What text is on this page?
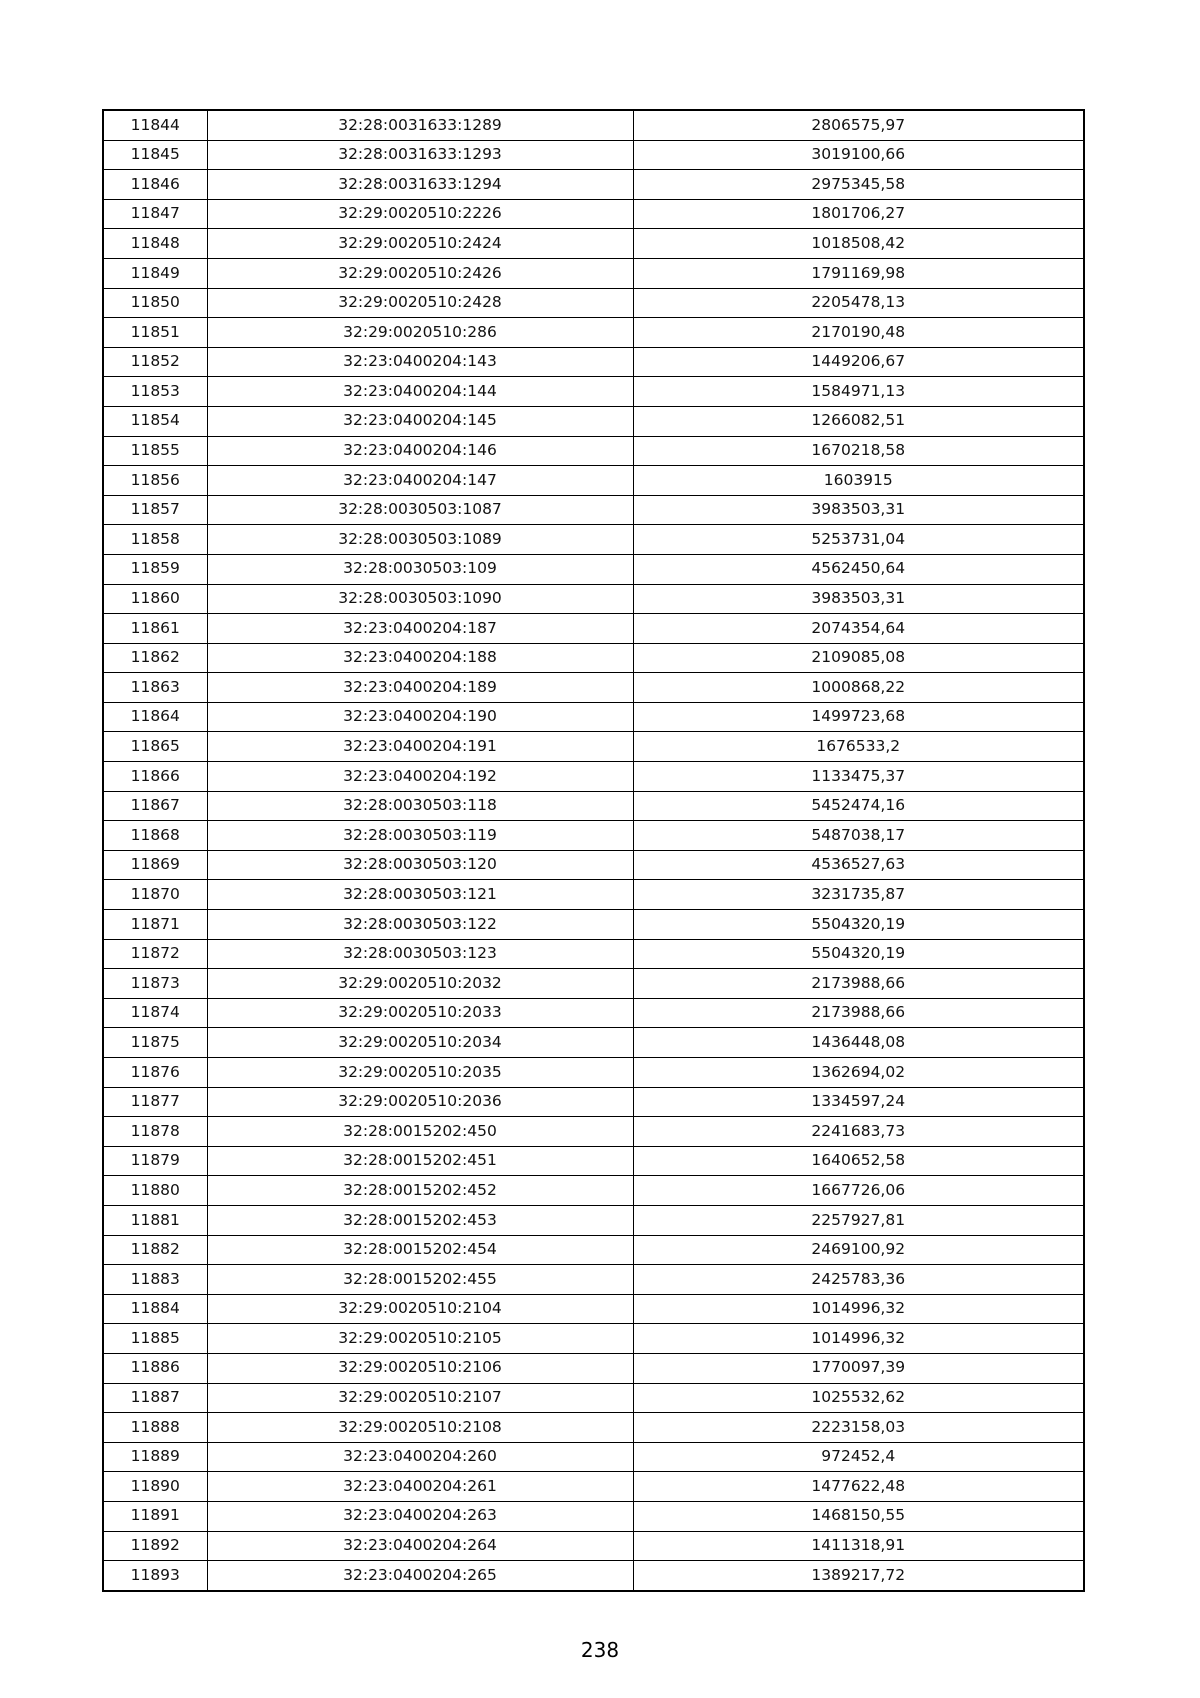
11844	32:28:0031633:1289	2806575,97
11845	32:28:0031633:1293	3019100,66
11846	32:28:0031633:1294	2975345,58
11847	32:29:0020510:2226	1801706,27
11848	32:29:0020510:2424	1018508,42
11849	32:29:0020510:2426	1791169,98
11850	32:29:0020510:2428	2205478,13
11851	32:29:0020510:286	2170190,48
11852	32:23:0400204:143	1449206,67
11853	32:23:0400204:144	1584971,13
11854	32:23:0400204:145	1266082,51
11855	32:23:0400204:146	1670218,58
11856	32:23:0400204:147	1603915
11857	32:28:0030503:1087	3983503,31
11858	32:28:0030503:1089	5253731,04
11859	32:28:0030503:109	4562450,64
11860	32:28:0030503:1090	3983503,31
11861	32:23:0400204:187	2074354,64
11862	32:23:0400204:188	2109085,08
11863	32:23:0400204:189	1000868,22
11864	32:23:0400204:190	1499723,68
11865	32:23:0400204:191	1676533,2
11866	32:23:0400204:192	1133475,37
11867	32:28:0030503:118	5452474,16
11868	32:28:0030503:119	5487038,17
11869	32:28:0030503:120	4536527,63
11870	32:28:0030503:121	3231735,87
11871	32:28:0030503:122	5504320,19
11872	32:28:0030503:123	5504320,19
11873	32:29:0020510:2032	2173988,66
11874	32:29:0020510:2033	2173988,66
11875	32:29:0020510:2034	1436448,08
11876	32:29:0020510:2035	1362694,02
11877	32:29:0020510:2036	1334597,24
11878	32:28:0015202:450	2241683,73
11879	32:28:0015202:451	1640652,58
11880	32:28:0015202:452	1667726,06
11881	32:28:0015202:453	2257927,81
11882	32:28:0015202:454	2469100,92
11883	32:28:0015202:455	2425783,36
11884	32:29:0020510:2104	1014996,32
11885	32:29:0020510:2105	1014996,32
11886	32:29:0020510:2106	1770097,39
11887	32:29:0020510:2107	1025532,62
11888	32:29:0020510:2108	2223158,03
11889	32:23:0400204:260	972452,4
11890	32:23:0400204:261	1477622,48
11891	32:23:0400204:263	1468150,55
11892	32:23:0400204:264	1411318,91
11893	32:23:0400204:265	1389217,72
238
